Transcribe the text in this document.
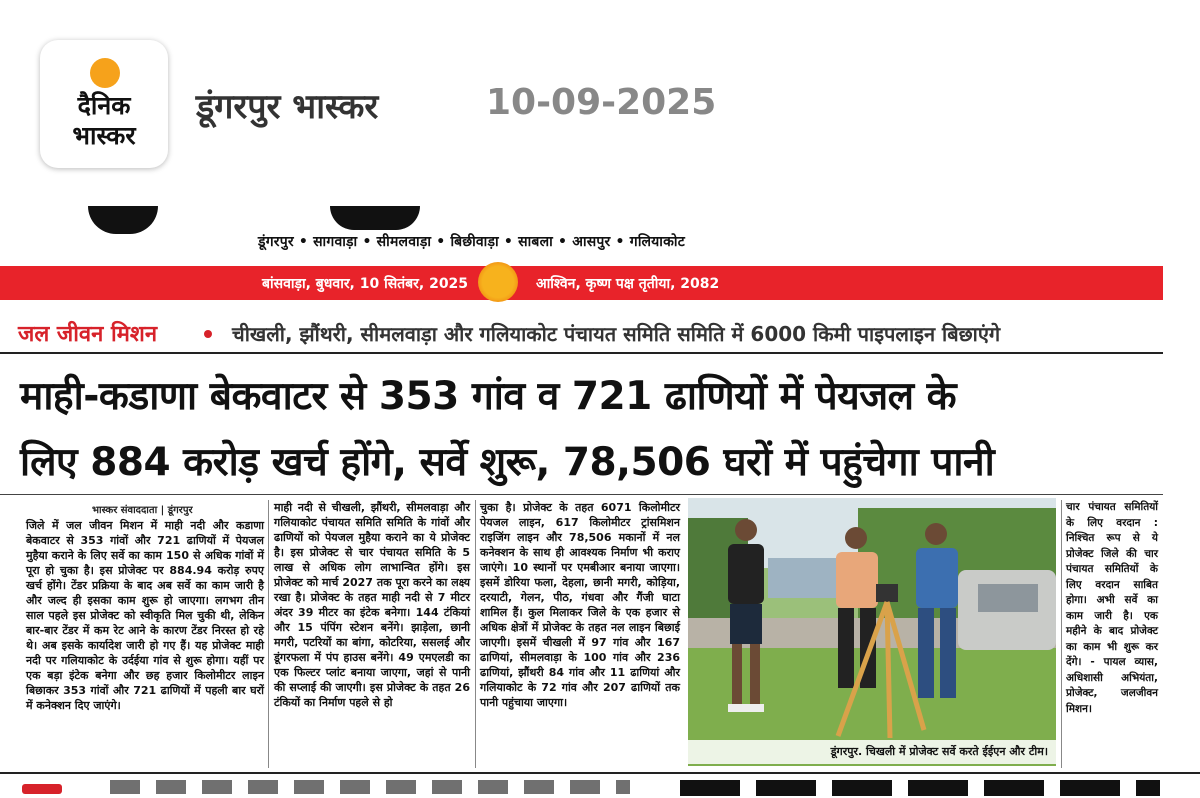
दैनिक
भास्कर
डूंगरपुर भास्कर	10-09-2025
डूंगरपुर • सागवाड़ा • सीमलवाड़ा • बिछीवाड़ा • साबला • आसपुर • गलियाकोट
बांसवाड़ा, बुधवार, 10 सितंबर, 2025	आश्विन, कृष्ण पक्ष तृतीया, 2082
जल जीवन मिशन	चीखली, झौंथरी, सीमलवाड़ा और गलियाकोट पंचायत समिति समिति में 6000 किमी पाइपलाइन बिछाएंगे
माही-कडाणा बेकवाटर से 353 गांव व 721 ढाणियों में पेयजल के
लिए 884 करोड़ खर्च होंगे, सर्वे शुरू, 78,506 घरों में पहुंचेगा पानी
भास्कर संवाददाता | डूंगरपुर
जिले में जल जीवन मिशन में माही नदी और कडाणा बेकवाटर से 353 गांवों और 721 ढाणियों में पेयजल मुहैया कराने के लिए सर्वे का काम 150 से अधिक गांवों में पूरा हो चुका है। इस प्रोजेक्ट पर 884.94 करोड़ रुपए खर्च होंगे। टेंडर प्रक्रिया के बाद अब सर्वे का काम जारी है और जल्द ही इसका काम शुरू हो जाएगा। लगभग तीन साल पहले इस प्रोजेक्ट को स्वीकृति मिल चुकी थी, लेकिन बार-बार टेंडर में कम रेट आने के कारण टेंडर निरस्त हो रहे थे। अब इसके कार्यादेश जारी हो गए हैं। यह प्रोजेक्ट माही नदी पर गलियाकोट के उर्दईया गांव से शुरू होगा। यहीं पर एक बड़ा इंटेक बनेगा और छह हजार किलोमीटर लाइन बिछाकर 353 गांवों और 721 ढाणियों में पहली बार घरों में कनेक्शन दिए जाएंगे।
माही नदी से चीखली, झौंथरी, सीमलवाड़ा और गलियाकोट पंचायत समिति समिति के गांवों और ढाणियों को पेयजल मुहैया कराने का ये प्रोजेक्ट है। इस प्रोजेक्ट से चार पंचायत समिति के 5 लाख से अधिक लोग लाभान्वित होंगे। इस प्रोजेक्ट को मार्च 2027 तक पूरा करने का लक्ष्य रखा है। प्रोजेक्ट के तहत माही नदी से 7 मीटर अंदर 39 मीटर का इंटेक बनेगा। 144 टंकियां और 15 पंपिंग स्टेशन बनेंगे। झाड़ेला, छानी मगरी, पटरियों का बांगा, कोटरिया, ससलई और डूंगरफला में पंप हाउस बनेंगे। 49 एमएलडी का एक फिल्टर प्लांट बनाया जाएगा, जहां से पानी की सप्लाई की जाएगी। इस प्रोजेक्ट के तहत 26 टंकियों का निर्माण पहले से हो
चुका है। प्रोजेक्ट के तहत 6071 किलोमीटर पेयजल लाइन, 617 किलोमीटर ट्रांसमिशन राइजिंग लाइन और 78,506 मकानों में नल कनेक्शन के साथ ही आवश्यक निर्माण भी कराए जाएंगे। 10 स्थानों पर एमबीआर बनाया जाएगा। इसमें डोरिया फला, देहला, छानी मगरी, कोड़िया, दरयाटी, गेलन, पीठ, गंधवा और गैंजी घाटा शामिल हैं। कुल मिलाकर जिले के एक हजार से अधिक क्षेत्रों में प्रोजेक्ट के तहत नल लाइन बिछाई जाएगी। इसमें चीखली में 97 गांव और 167 ढाणियां, सीमलवाड़ा के 100 गांव और 236 ढाणियां, झौंथरी 84 गांव और 11 ढाणियां और गलियाकोट के 72 गांव और 207 ढाणियों तक पानी पहुंचाया जाएगा।
डूंगरपुर. चिखली में प्रोजेक्ट सर्वे करते ईईएन और टीम।
चार पंचायत समितियों के लिए वरदान : निश्चित रूप से ये प्रोजेक्ट जिले की चार पंचायत समितियों के लिए वरदान साबित होगा। अभी सर्वे का काम जारी है। एक महीने के बाद प्रोजेक्ट का काम भी शुरू कर देंगे। - पायल व्यास, अधिशासी अभियंता, प्रोजेक्ट, जलजीवन मिशन।
